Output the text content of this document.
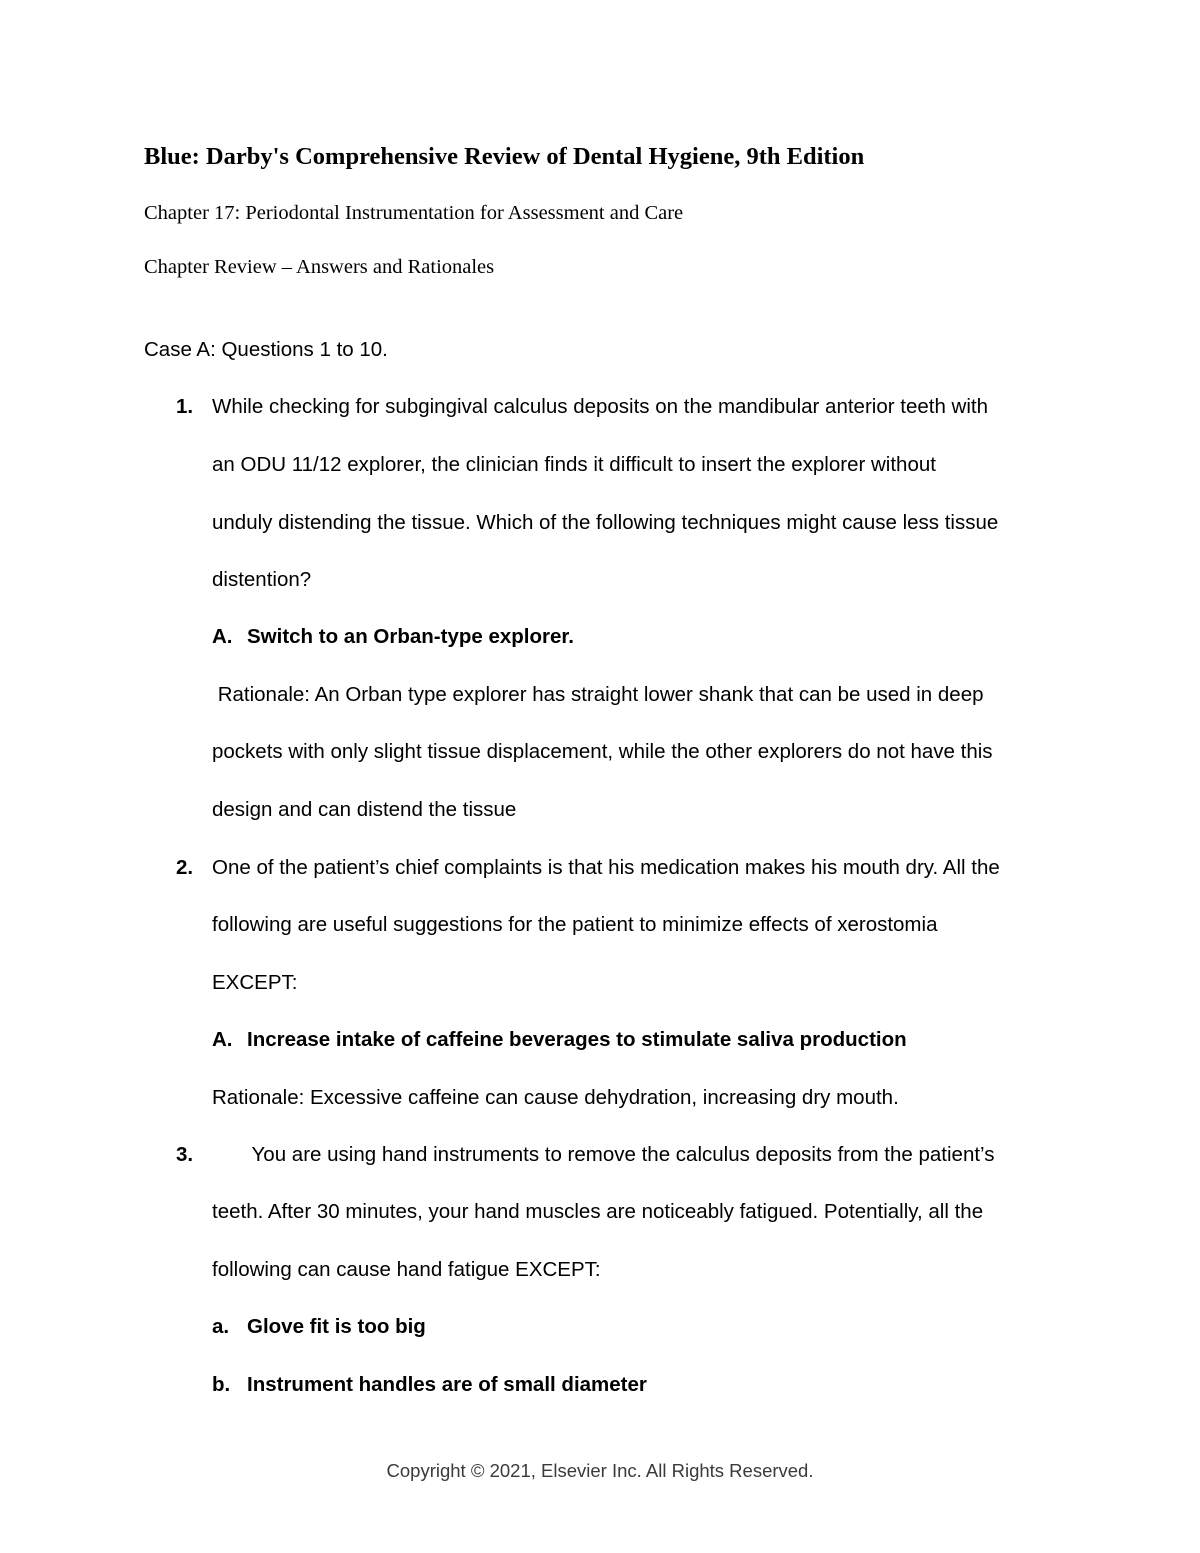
Blue: Darby's Comprehensive Review of Dental Hygiene, 9th Edition
Chapter 17: Periodontal Instrumentation for Assessment and Care
Chapter Review – Answers and Rationales
Case A: Questions 1 to 10.
1. While checking for subgingival calculus deposits on the mandibular anterior teeth with
an ODU 11/12 explorer, the clinician finds it difficult to insert the explorer without
unduly distending the tissue. Which of the following techniques might cause less tissue
distention?
A. Switch to an Orban-type explorer.
Rationale: An Orban type explorer has straight lower shank that can be used in deep
pockets with only slight tissue displacement, while the other explorers do not have this
design and can distend the tissue
2. One of the patient’s chief complaints is that his medication makes his mouth dry. All the
following are useful suggestions for the patient to minimize effects of xerostomia
EXCEPT:
A. Increase intake of caffeine beverages to stimulate saliva production
Rationale: Excessive caffeine can cause dehydration, increasing dry mouth.
3. You are using hand instruments to remove the calculus deposits from the patient’s
teeth. After 30 minutes, your hand muscles are noticeably fatigued. Potentially, all the
following can cause hand fatigue EXCEPT:
a. Glove fit is too big
b. Instrument handles are of small diameter
Copyright © 2021, Elsevier Inc. All Rights Reserved.
